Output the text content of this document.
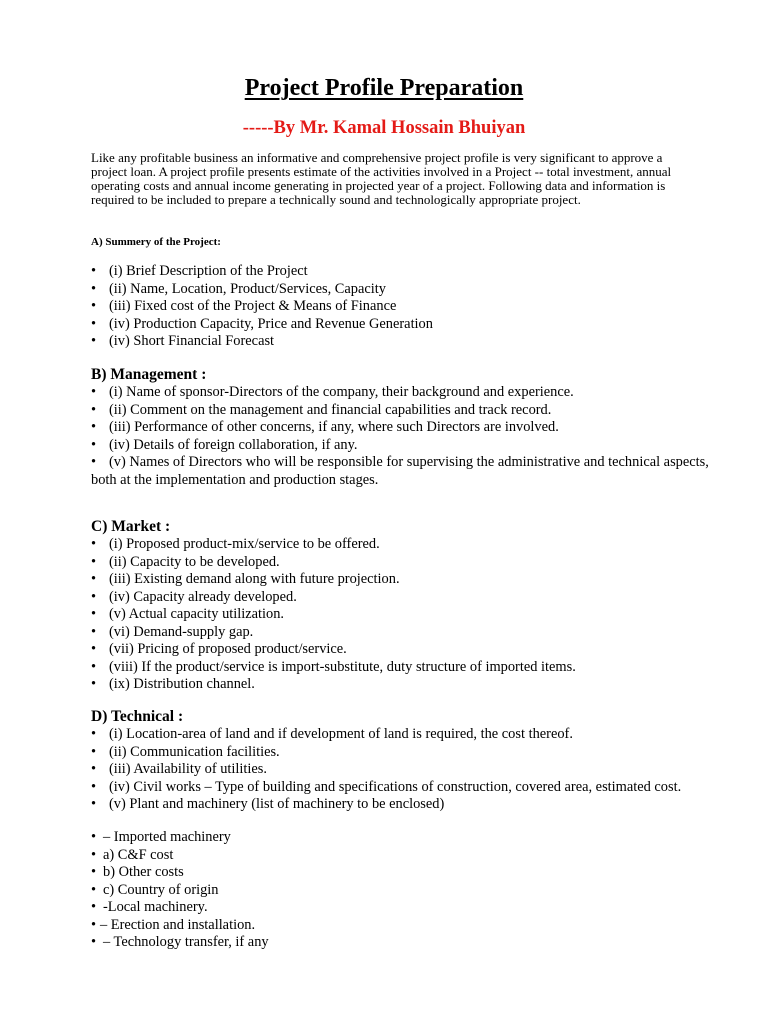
Project Profile Preparation
-----By Mr. Kamal Hossain Bhuiyan

Like any profitable business an informative and comprehensive project profile is very significant to approve a project loan. A project profile presents estimate of the activities involved in a Project -- total investment, annual operating costs and annual income generating in projected year of a project. Following data and information is required to be included to prepare a technically sound and technologically appropriate project.

A) Summery of the Project:
• (i) Brief Description of the Project
• (ii) Name, Location, Product/Services, Capacity
• (iii) Fixed cost of the Project & Means of Finance
• (iv) Production Capacity, Price and Revenue Generation
• (iv) Short Financial Forecast
B) Management :
• (i) Name of sponsor-Directors of the company, their background and experience.
• (ii) Comment on the management and financial capabilities and track record.
• (iii) Performance of other concerns, if any, where such Directors are involved.
• (iv) Details of foreign collaboration, if any.
• (v) Names of Directors who will be responsible for supervising the administrative and technical aspects, both at the implementation and production stages.
C) Market :
• (i) Proposed product-mix/service to be offered.
• (ii) Capacity to be developed.
• (iii) Existing demand along with future projection.
• (iv) Capacity already developed.
• (v) Actual capacity utilization.
• (vi) Demand-supply gap.
• (vii) Pricing of proposed product/service.
• (viii) If the product/service is import-substitute, duty structure of imported items.
• (ix) Distribution channel.
D) Technical :
• (i) Location-area of land and if development of land is required, the cost thereof.
• (ii) Communication facilities.
• (iii) Availability of utilities.
• (iv) Civil works – Type of building and specifications of construction, covered area, estimated cost.
• (v) Plant and machinery (list of machinery to be enclosed)
• – Imported machinery
• a) C&F cost
• b) Other costs
• c) Country of origin
• -Local machinery.
• – Erection and installation.
• – Technology transfer, if any
